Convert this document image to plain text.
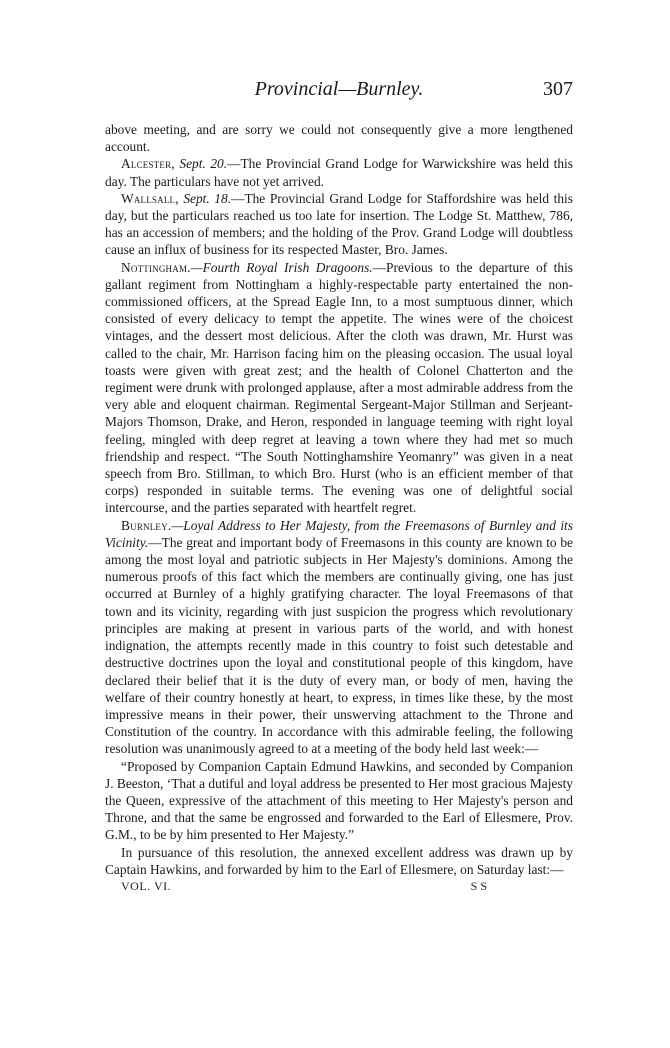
Provincial—Burnley.	307

above meeting, and are sorry we could not consequently give a more lengthened account.

Alcester, Sept. 20.—The Provincial Grand Lodge for Warwickshire was held this day. The particulars have not yet arrived.

Wallsall, Sept. 18.—The Provincial Grand Lodge for Staffordshire was held this day, but the particulars reached us too late for insertion. The Lodge St. Matthew, 786, has an accession of members; and the holding of the Prov. Grand Lodge will doubtless cause an influx of business for its respected Master, Bro. James.

Nottingham.—Fourth Royal Irish Dragoons.—Previous to the departure of this gallant regiment from Nottingham a highly-respectable party entertained the non-commissioned officers, at the Spread Eagle Inn, to a most sumptuous dinner, which consisted of every delicacy to tempt the appetite. The wines were of the choicest vintages, and the dessert most delicious. After the cloth was drawn, Mr. Hurst was called to the chair, Mr. Harrison facing him on the pleasing occasion. The usual loyal toasts were given with great zest; and the health of Colonel Chatterton and the regiment were drunk with prolonged applause, after a most admirable address from the very able and eloquent chairman. Regimental Sergeant-Major Stillman and Serjeant-Majors Thomson, Drake, and Heron, responded in language teeming with right loyal feeling, mingled with deep regret at leaving a town where they had met so much friendship and respect. “The South Nottinghamshire Yeomanry” was given in a neat speech from Bro. Stillman, to which Bro. Hurst (who is an efficient member of that corps) responded in suitable terms. The evening was one of delightful social intercourse, and the parties separated with heartfelt regret.

Burnley.—Loyal Address to Her Majesty, from the Freemasons of Burnley and its Vicinity.—The great and important body of Freemasons in this county are known to be among the most loyal and patriotic subjects in Her Majesty's dominions. Among the numerous proofs of this fact which the members are continually giving, one has just occurred at Burnley of a highly gratifying character. The loyal Freemasons of that town and its vicinity, regarding with just suspicion the progress which revolutionary principles are making at present in various parts of the world, and with honest indignation, the attempts recently made in this country to foist such detestable and destructive doctrines upon the loyal and constitutional people of this kingdom, have declared their belief that it is the duty of every man, or body of men, having the welfare of their country honestly at heart, to express, in times like these, by the most impressive means in their power, their unswerving attachment to the Throne and Constitution of the country. In accordance with this admirable feeling, the following resolution was unanimously agreed to at a meeting of the body held last week:—

“Proposed by Companion Captain Edmund Hawkins, and seconded by Companion J. Beeston, ‘That a dutiful and loyal address be presented to Her most gracious Majesty the Queen, expressive of the attachment of this meeting to Her Majesty's person and Throne, and that the same be engrossed and forwarded to the Earl of Ellesmere, Prov. G.M., to be by him presented to Her Majesty.”

In pursuance of this resolution, the annexed excellent address was drawn up by Captain Hawkins, and forwarded by him to the Earl of Ellesmere, on Saturday last:—

VOL. VI.	S S
